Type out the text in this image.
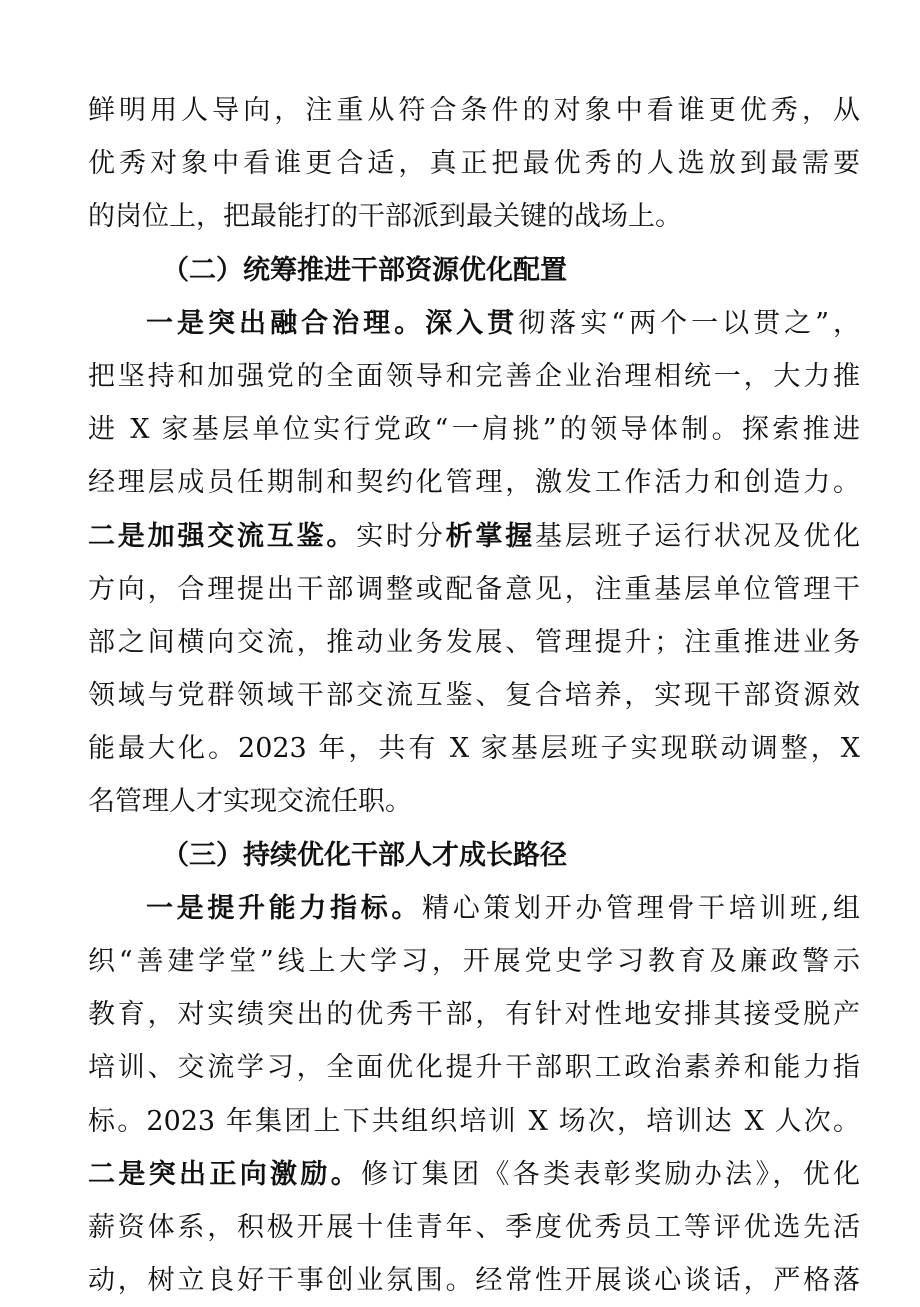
鲜明用人导向，注重从符合条件的对象中看谁更优秀，从
优秀对象中看谁更合适，真正把最优秀的人选放到最需要
的岗位上，把最能打的干部派到最关键的战场上。
（二）统筹推进干部资源优化配置
一是突出融合治理。深入贯彻落实“两个一以贯之”，
把坚持和加强党的全面领导和完善企业治理相统一，大力推
进 X 家基层单位实行党政“一肩挑”的领导体制。探索推进
经理层成员任期制和契约化管理，激发工作活力和创造力。
二是加强交流互鉴。实时分析掌握基层班子运行状况及优化
方向，合理提出干部调整或配备意见，注重基层单位管理干
部之间横向交流，推动业务发展、管理提升；注重推进业务
领域与党群领域干部交流互鉴、复合培养，实现干部资源效
能最大化。2023 年，共有 X 家基层班子实现联动调整，X
名管理人才实现交流任职。
（三）持续优化干部人才成长路径
一是提升能力指标。精心策划开办管理骨干培训班,组
织“善建学堂”线上大学习，开展党史学习教育及廉政警示
教育，对实绩突出的优秀干部，有针对性地安排其接受脱产
培训、交流学习，全面优化提升干部职工政治素养和能力指
标。2023 年集团上下共组织培训 X 场次，培训达 X 人次。
二是突出正向激励。修订集团《各类表彰奖励办法》，优化
薪资体系，积极开展十佳青年、季度优秀员工等评优选先活
动，树立良好干事创业氛围。经常性开展谈心谈话，严格落
